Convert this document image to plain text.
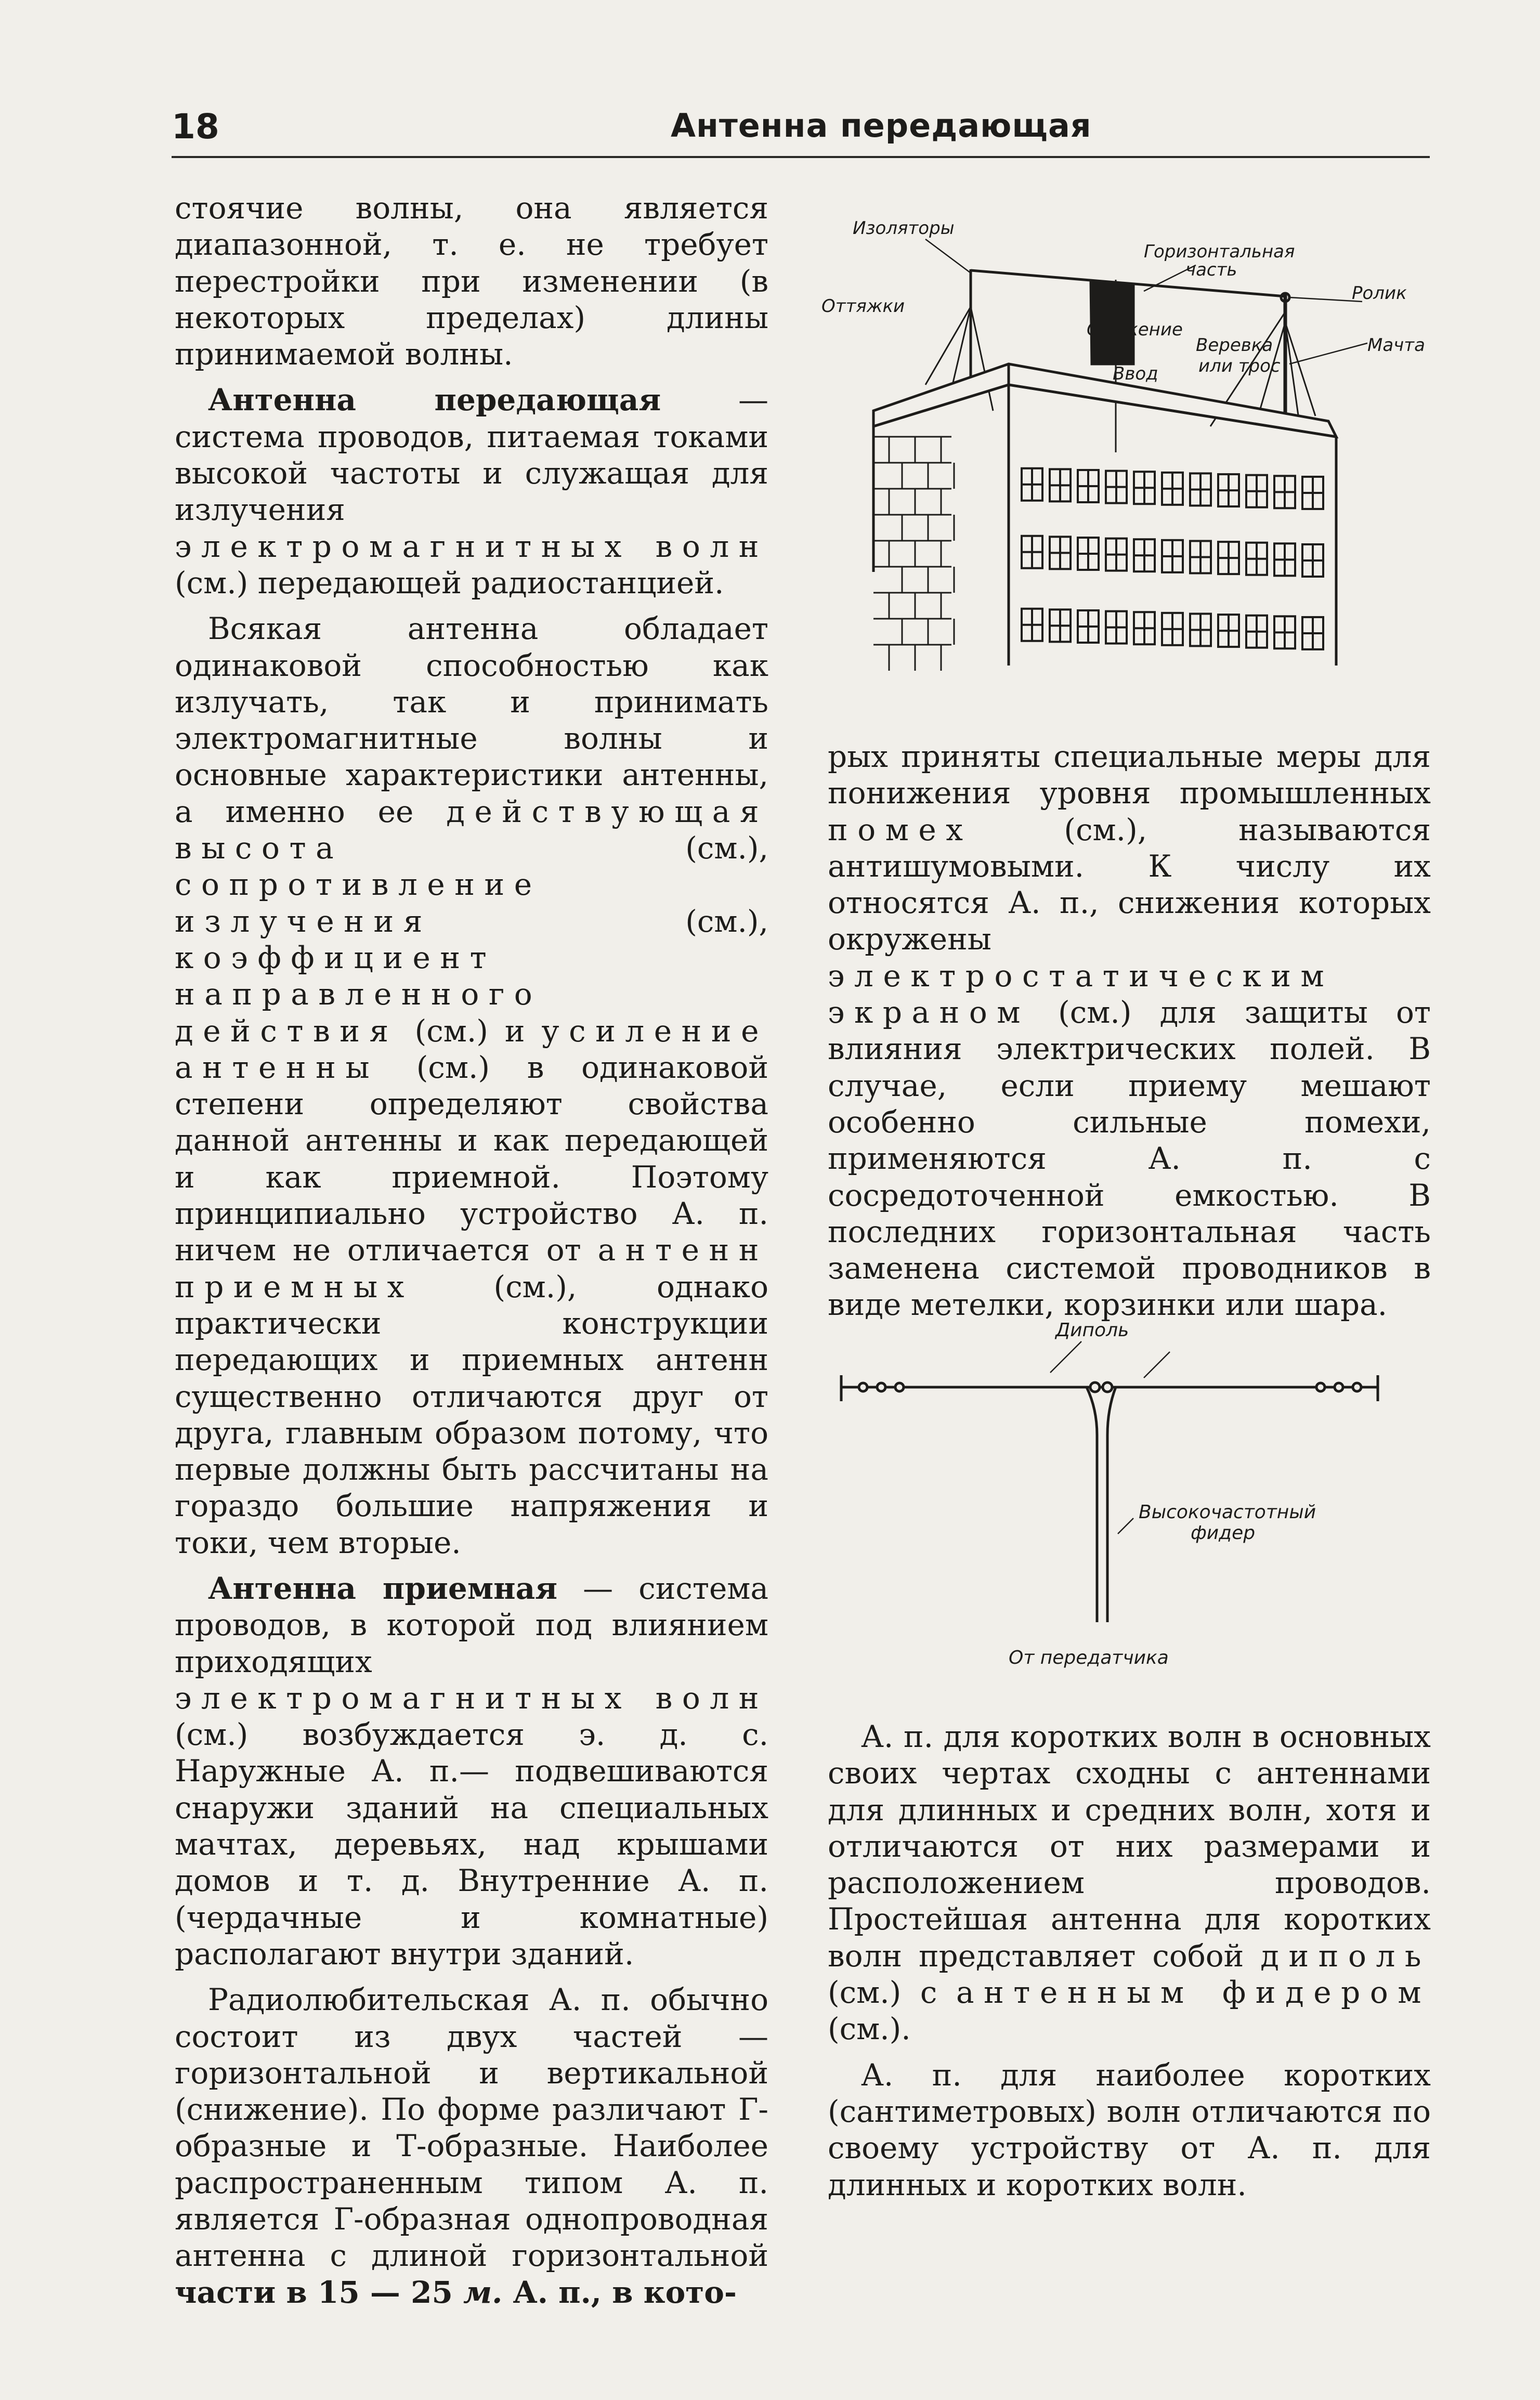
18	Антенна передающая

стоячие волны, она является диапазонной, т. е. не требует перестройки при изменении (в некоторых пределах) длины принимаемой волны.

Антенна передающая — система проводов, питаемая токами высокой частоты и служащая для излучения электромагнитных волн (см.) передающей радиостанцией.

Всякая антенна обладает одинаковой способностью как излучать, так и принимать электромагнитные волны и основные характеристики антенны, а именно ее действующая высота (см.), сопротивление излучения (см.), коэффициент направленного действия (см.) и усиление антенны (см.) в одинаковой степени определяют свойства данной антенны и как передающей и как приемной. Поэтому принципиально устройство А. п. ничем не отличается от антенн приемных (см.), однако практически конструкции передающих и приемных антенн существенно отличаются друг от друга, главным образом потому, что первые должны быть рассчитаны на гораздо большие напряжения и токи, чем вторые.

Антенна приемная — система проводов, в которой под влиянием приходящих электромагнитных волн (см.) возбуждается э. д. с. Наружные А. п.— подвешиваются снаружи зданий на специальных мачтах, деревьях, над крышами домов и т. д. Внутренние А. п. (чердачные и комнатные) располагают внутри зданий.

Радиолюбительская А. п. обычно состоит из двух частей — горизонтальной и вертикальной (снижение). По форме различают Г-образные и Т-образные. Наиболее распространенным типом А. п. является Г-образная однопроводная антенна с длиной горизонтальной части в 15 — 25 м. А. п., в кото-

рых приняты специальные меры для понижения уровня промышленных помех (см.), называются антишумовыми. К числу их относятся А. п., снижения которых окружены электростатическим экраном (см.) для защиты от влияния электрических полей. В случае, если приему мешают особенно сильные помехи, применяются А. п. с сосредоточенной емкостью. В последних горизонтальная часть заменена системой проводников в виде метелки, корзинки или шара.

А. п. для коротких волн в основных своих чертах сходны с антеннами для длинных и средних волн, хотя и отличаются от них размерами и расположением проводов. Простейшая антенна для коротких волн представляет собой диполь (см.) с антенным фидером (см.).

А. п. для наиболее коротких (сантиметровых) волн отличаются по своему устройству от А. п. для длинных и коротких волн.

Изоляторы
Горизонтальная
часть
Оттяжки
Ролик
Снижение
Веревка
или трос
Мачта
Ввод
Диполь
Высокочастотный
фидер
От передатчика
